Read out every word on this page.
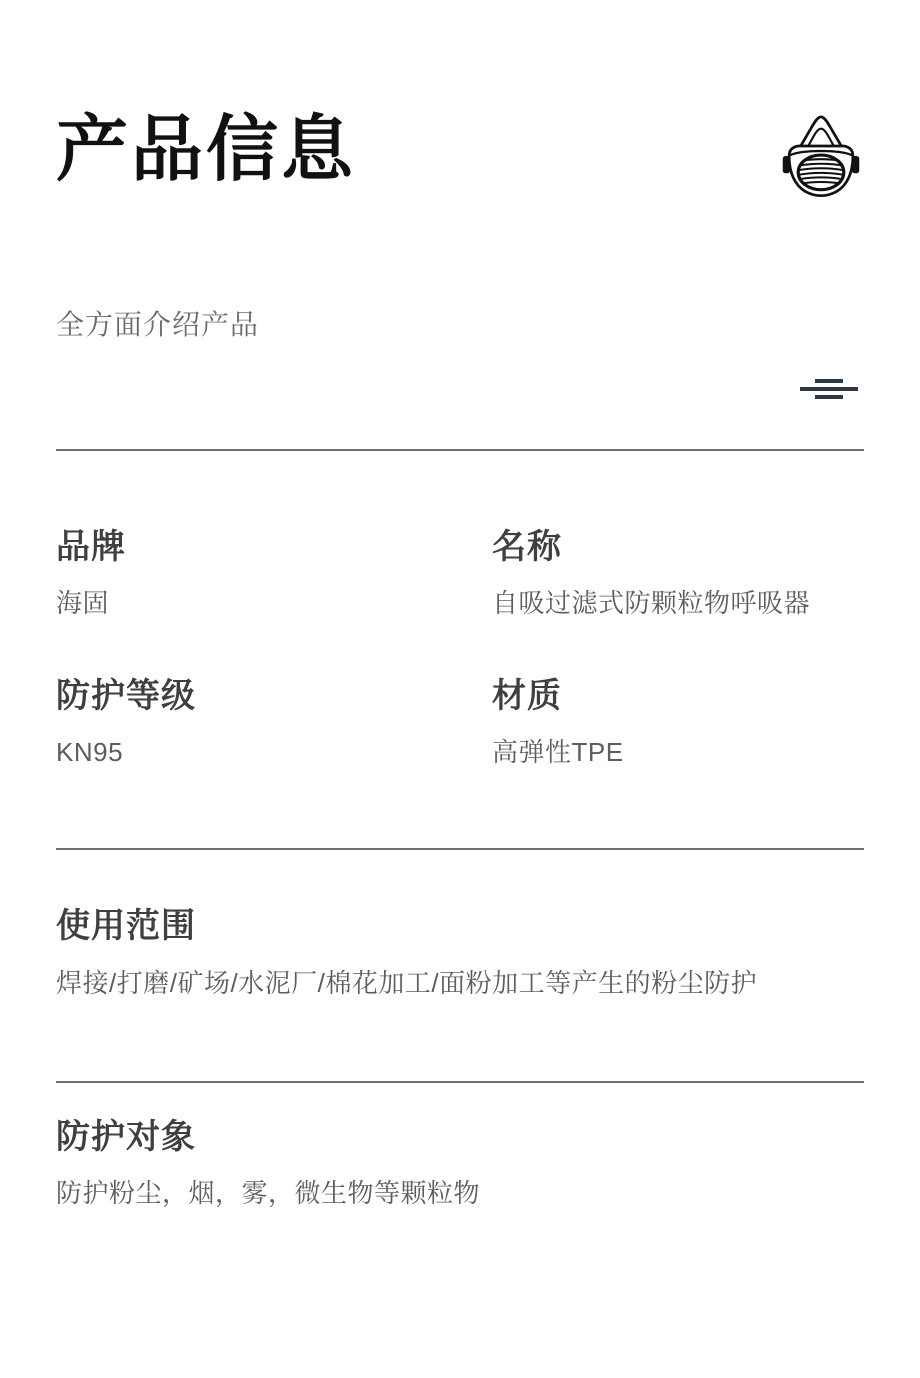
产品信息

全方面介绍产品

品牌

海固

名称

自吸过滤式防颗粒物呼吸器

防护等级

KN95

材质

高弹性TPE

使用范围

焊接/打磨/矿场/水泥厂/棉花加工/面粉加工等产生的粉尘防护

防护对象

防护粉尘，烟，雾，微生物等颗粒物
